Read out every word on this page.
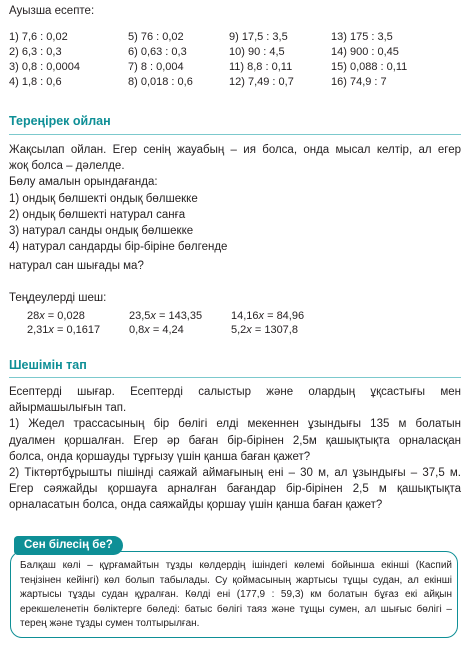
Ауызша есепте:
1) 7,6 : 0,02	5) 76 : 0,02	9) 17,5 : 3,5	13) 175 : 3,5
2) 6,3 : 0,3	6) 0,63 : 0,3	10) 90 : 4,5	14) 900 : 0,45
3) 0,8 : 0,0004	7) 8 : 0,004	11) 8,8 : 0,11	15) 0,088 : 0,11
4) 1,8 : 0,6	8) 0,018 : 0,6	12) 7,49 : 0,7	16) 74,9 : 7
Тереңірек ойлан
Жақсылап ойлан. Егер сенің жауабың – ия болса, онда мысал келтір, ал егер
жоқ болса – дәлелде.
Бөлу амалын орындағанда:
1) ондық бөлшекті ондық бөлшекке
2) ондық бөлшекті натурал санға
3) натурал санды ондық бөлшекке
4) натурал сандарды бір-біріне бөлгенде
натурал сан шығады ма?
Теңдеулерді шеш:
28x = 0,028	23,5x = 143,35	14,16x = 84,96
2,31x = 0,1617	0,8x = 4,24	5,2x = 1307,8
Шешімін тап
Есептерді шығар. Есептерді салыстыр және олардың ұқсастығы мен
айырмашылығын тап.
1) Жедел трассасының бір бөлігі елді мекеннен ұзындығы 135 м болатын
дуалмен қоршалған. Егер әр баған бір-бірінен 2,5м қашықтықта орналасқан
болса, онда қоршауды тұрғызу үшін қанша баған қажет?
2) Тіктөртбұрышты пішінді саяжай аймағының ені – 30 м, ал ұзындығы – 37,5 м.
Егер сәяжайды қоршауға арналған бағандар бір-бірінен 2,5 м қашықтықта
орналасатын болса, онда саяжайды қоршау үшін қанша баған қажет?
Сен білесің бе?
Балқаш көлі – құрғамайтын тұзды көлдердің ішіндегі көлемі бойынша екінші (Каспий
теңізінен кейінгі) көл болып табылады. Су қоймасының жартысы тұщы судан, ал екінші
жартысы тұзды судан құралған. Көлді ені (177,9 : 59,3) км болатын бұғаз екі айқын
ерекшеленетін бөліктерге бөледі: батыс бөлігі таяз және тұщы сумен, ал шығыс бөлігі –
терең және тұзды сумен толтырылған.
